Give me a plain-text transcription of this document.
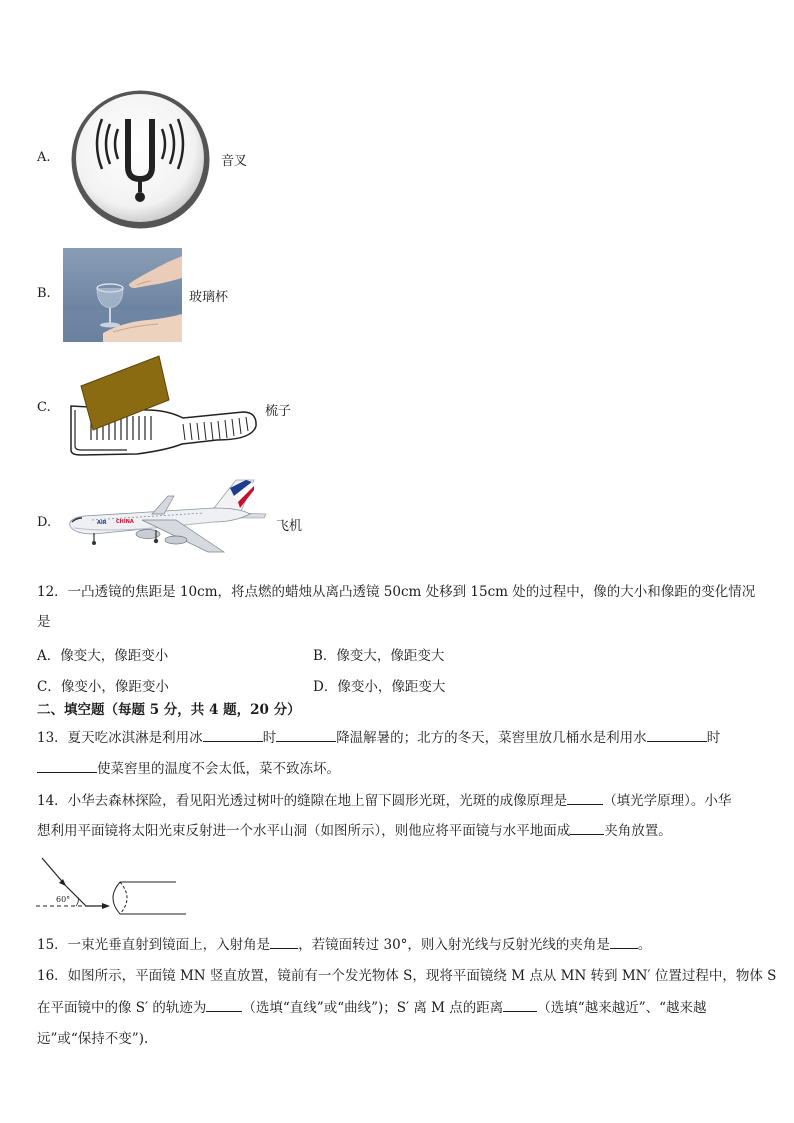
A.	音叉
B.	玻璃杯
C.	梳子
D.	AIR CHINA	飞机
12．一凸透镜的焦距是 10cm，将点燃的蜡烛从离凸透镜 50cm 处移到 15cm 处的过程中，像的大小和像距的变化情况
是
A．像变大，像距变小	B．像变大，像距变大
C．像变小，像距变小	D．像变小，像距变大
二、填空题（每题 5 分，共 4 题，20 分）
13．夏天吃冰淇淋是利用冰	时	降温解暑的；北方的冬天，菜窖里放几桶水是利用水	时
使菜窖里的温度不会太低，菜不致冻坏。
14．小华去森林探险，看见阳光透过树叶的缝隙在地上留下圆形光斑，光斑的成像原理是	（填光学原理）。小华
想利用平面镜将太阳光束反射进一个水平山洞（如图所示），则他应将平面镜与水平地面成	夹角放置。
60°
15．一束光垂直射到镜面上，入射角是 ，若镜面转过 30°，则入射光线与反射光线的夹角是 。
16．如图所示，平面镜 MN 竖直放置，镜前有一个发光物体 S，现将平面镜绕 M 点从 MN 转到 MN′ 位置过程中，物体 S
在平面镜中的像 S′ 的轨迹为	（选填“直线”或“曲线”)；S′ 离 M 点的距离	（选填“越来越近”、“越来越
远”或“保持不变”).
